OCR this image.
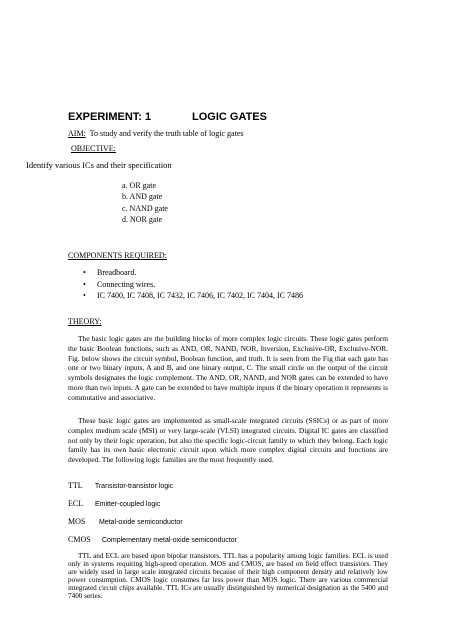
EXPERIMENT: 1	LOGIC GATES
AIM: To study and verify the truth table of logic gates
OBJECTIVE:
Identify various ICs and their specification
a. OR gate
b. AND gate
c. NAND gate
d. NOR gate
COMPONENTS REQUIRED:
• Breadboard.
• Connecting wires.
• IC 7400, IC 7408, IC 7432, IC 7406, IC 7402, IC 7404, IC 7486
THEORY:

The basic logic gates are the building blocks of more complex logic circuits. These logic gates perform the basic Boolean functions, such as AND, OR, NAND, NOR, Inversion, Exclusive-OR, Exclusive-NOR. Fig. below shows the circuit symbol, Boolean function, and truth. It is seen from the Fig that each gate has one or two binary inputs, A and B, and one binary output, C. The small circle on the output of the circuit symbols designates the logic complement. The AND, OR, NAND, and NOR gates can be extended to have more than two inputs. A gate can be extended to have multiple inputs if the binary operation it represents is commutative and associative.

These basic logic gates are implemented as small-scale integrated circuits (SSICs) or as part of more complex medium scale (MSI) or very large-scale (VLSI) integrated circuits. Digital IC gates are classified not only by their logic operation, but also the specific logic-circuit family to which they belong. Each logic family has its own basic electronic circuit upon which more complex digital circuits and functions are developed. The following logic families are the most frequently used.

TTL Transistor-transistor logic
ECL Emitter-coupled logic
MOS Metal-oxide semiconductor
CMOS Complementary metal-oxide semiconductor

TTL and ECL are based upon bipolar transistors. TTL has a popularity among logic families. ECL is used only in systems requiring high-speed operation. MOS and CMOS, are based on field effect transistors. They are widely used in large scale integrated circuits because of their high component density and relatively low power consumption. CMOS logic consumes far less power than MOS logic. There are various commercial integrated circuit chips available. TTL ICs are usually distinguished by numerical designation as the 5400 and 7400 series.
